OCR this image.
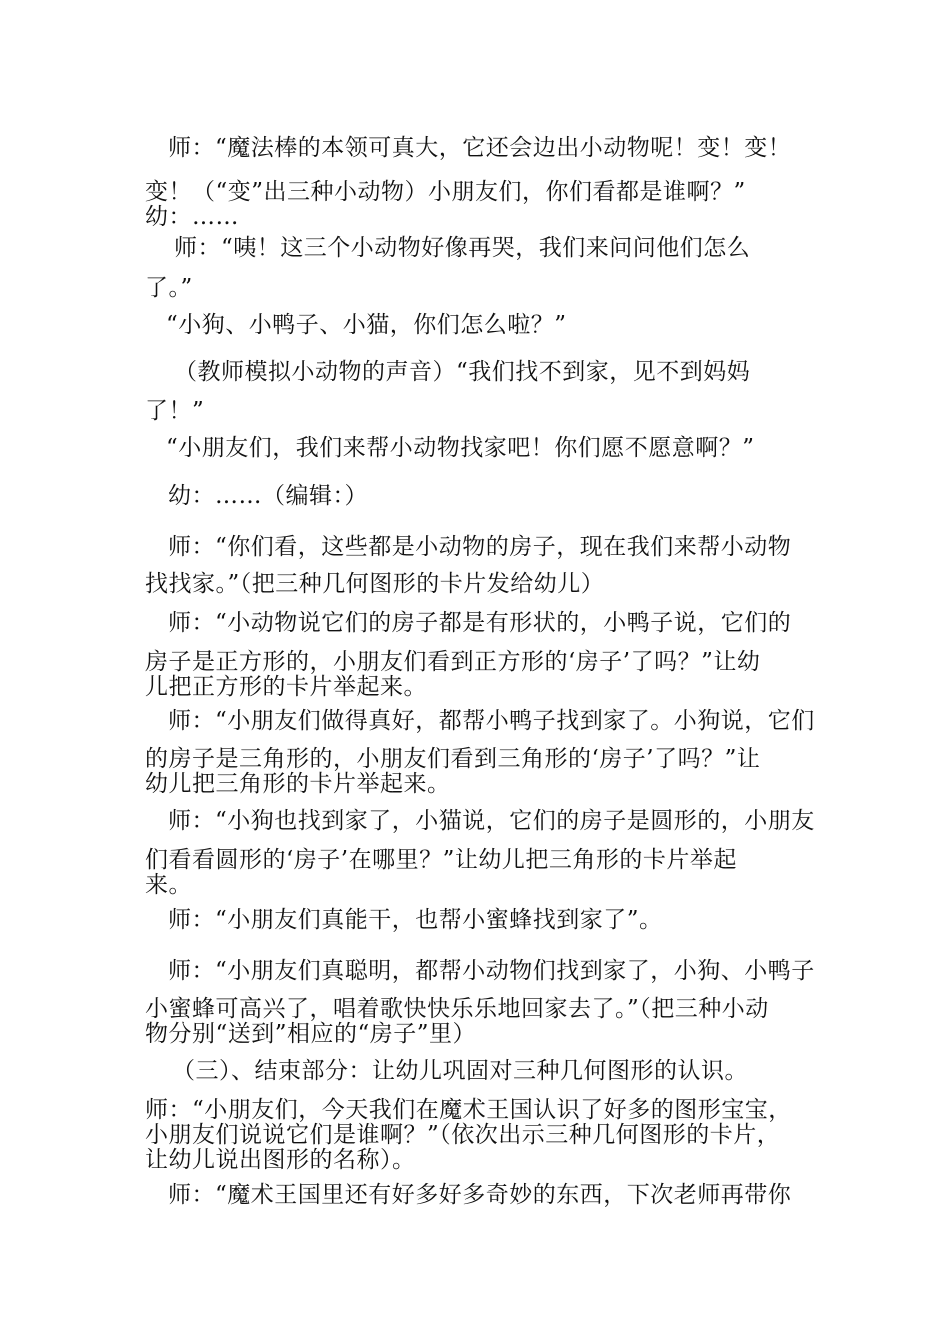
师：“魔法棒的本领可真大，它还会边出小动物呢！变！变！
变！（“变”出三种小动物）小朋友们，你们看都是谁啊？”
幼：……
师：“咦！这三个小动物好像再哭，我们来问问他们怎么
了。”
“小狗、小鸭子、小猫，你们怎么啦？”
（教师模拟小动物的声音）“我们找不到家，见不到妈妈
了！”
“小朋友们，我们来帮小动物找家吧！你们愿不愿意啊？”
幼：……（编辑：）
师：“你们看，这些都是小动物的房子，现在我们来帮小动物
找找家。”（把三种几何图形的卡片发给幼儿）
师：“小动物说它们的房子都是有形状的，小鸭子说，它们的
房子是正方形的，小朋友们看到正方形的‘房子’了吗？”让幼
儿把正方形的卡片举起来。
师：“小朋友们做得真好，都帮小鸭子找到家了。小狗说，它们
的房子是三角形的，小朋友们看到三角形的‘房子’了吗？”让
幼儿把三角形的卡片举起来。
师：“小狗也找到家了，小猫说，它们的房子是圆形的，小朋友
们看看圆形的‘房子’在哪里？”让幼儿把三角形的卡片举起
来。
师：“小朋友们真能干，也帮小蜜蜂找到家了”。
师：“小朋友们真聪明，都帮小动物们找到家了，小狗、小鸭子
小蜜蜂可高兴了，唱着歌快快乐乐地回家去了。”（把三种小动
物分别“送到”相应的“房子”里）
（三）、结束部分：让幼儿巩固对三种几何图形的认识。
师：“小朋友们，今天我们在魔术王国认识了好多的图形宝宝，
小朋友们说说它们是谁啊？”（依次出示三种几何图形的卡片，
让幼儿说出图形的名称）。
师：“魔术王国里还有好多好多奇妙的东西，下次老师再带你
